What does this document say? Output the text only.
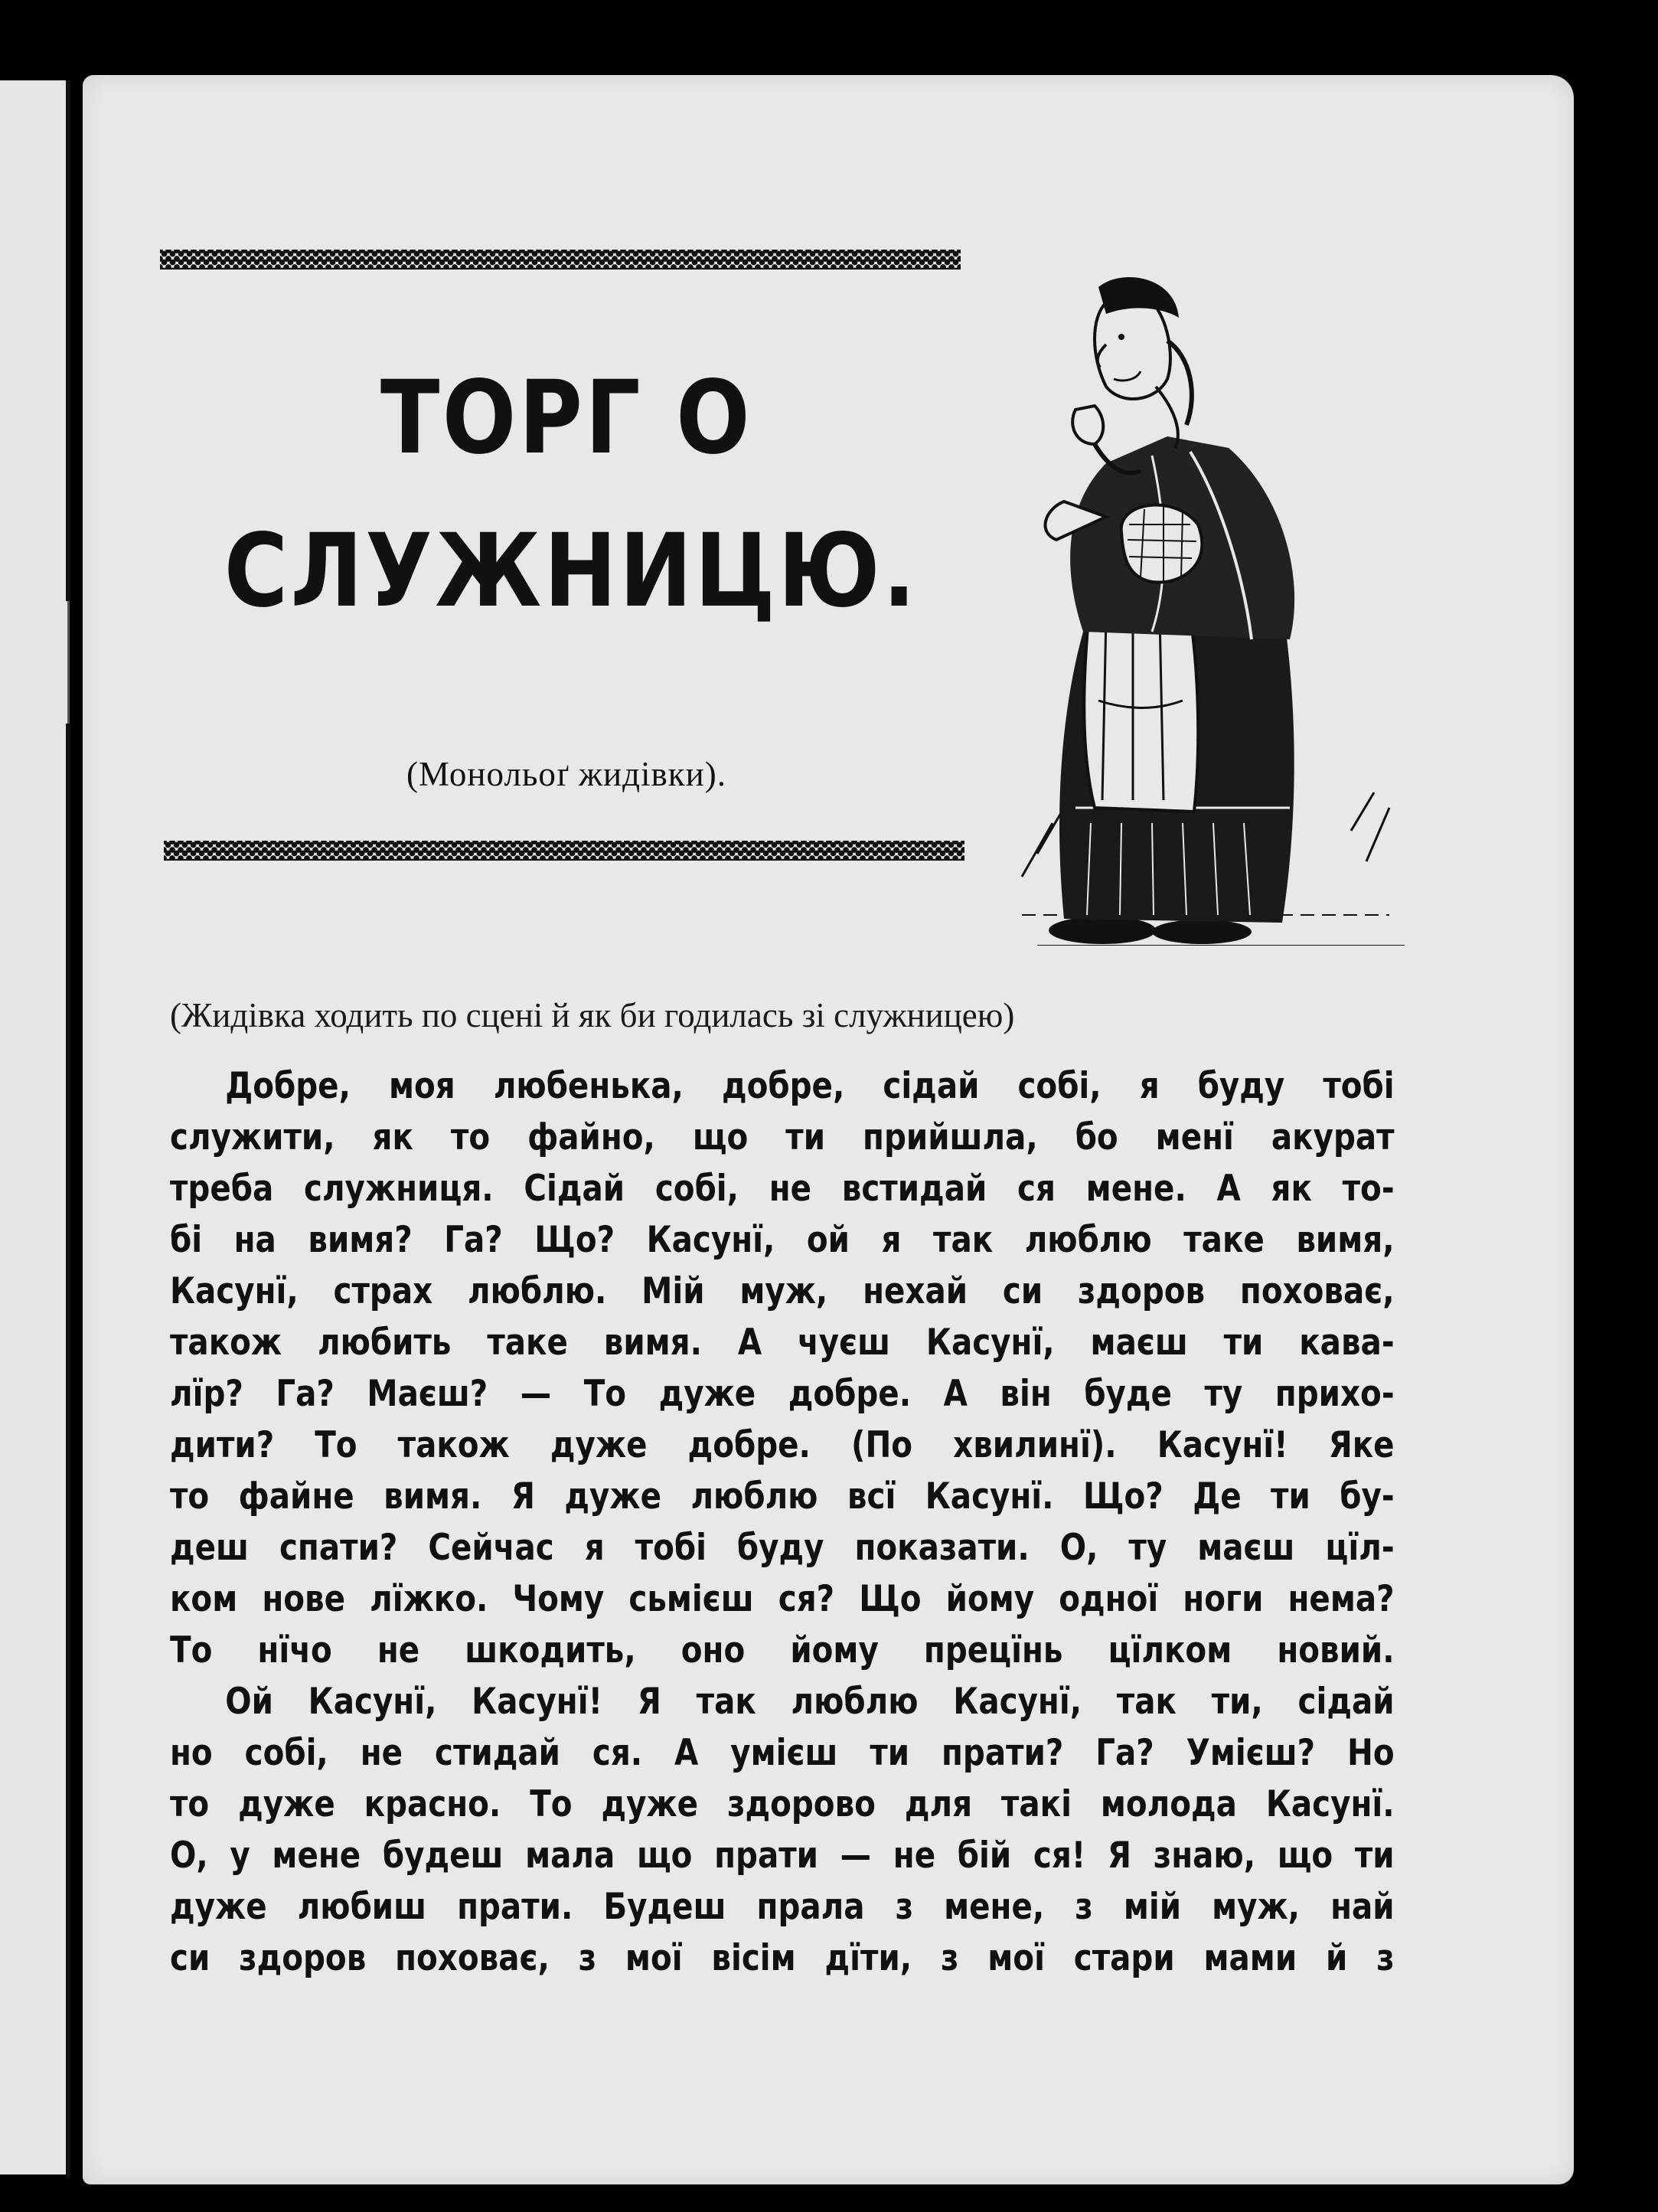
ТОРГ О
СЛУЖНИЦЮ.
(Монольоґ жидівки).
(Жидівка ходить по сцені й як би годилась зі служницею)
Добре, моя любенька, добре, сідай собі, я буду тобі
служити, як то файно, що ти прийшла, бо менї акурат
треба служниця. Сідай собі, не встидай ся мене. А як то-
бі на вимя? Га? Що? Касунї, ой я так люблю таке вимя,
Касунї, страх люблю. Мій муж, нехай си здоров поховає,
також любить таке вимя. А чуєш Касунї, маєш ти кава-
лїр? Га? Маєш? — То дуже добре. А він буде ту прихо-
дити? То також дуже добре. (По хвилинї). Касунї! Яке
то файне вимя. Я дуже люблю всї Касунї. Що? Де ти бу-
деш спати? Сейчас я тобі буду показати. О, ту маєш цїл-
ком нове лїжко. Чому сьмієш ся? Що йому одної ноги нема?
То нїчо не шкодить, оно йому прецїнь цїлком новий.
Ой Касунї, Касунї! Я так люблю Касунї, так ти, сідай
но собі, не стидай ся. А умієш ти прати? Га? Умієш? Но
то дуже красно. То дуже здорово для такі молода Касунї.
О, у мене будеш мала що прати — не бій ся! Я знаю, що ти
дуже любиш прати. Будеш прала з мене, з мій муж, най
си здоров поховає, з мої вісім дїти, з мої стари мами й з
